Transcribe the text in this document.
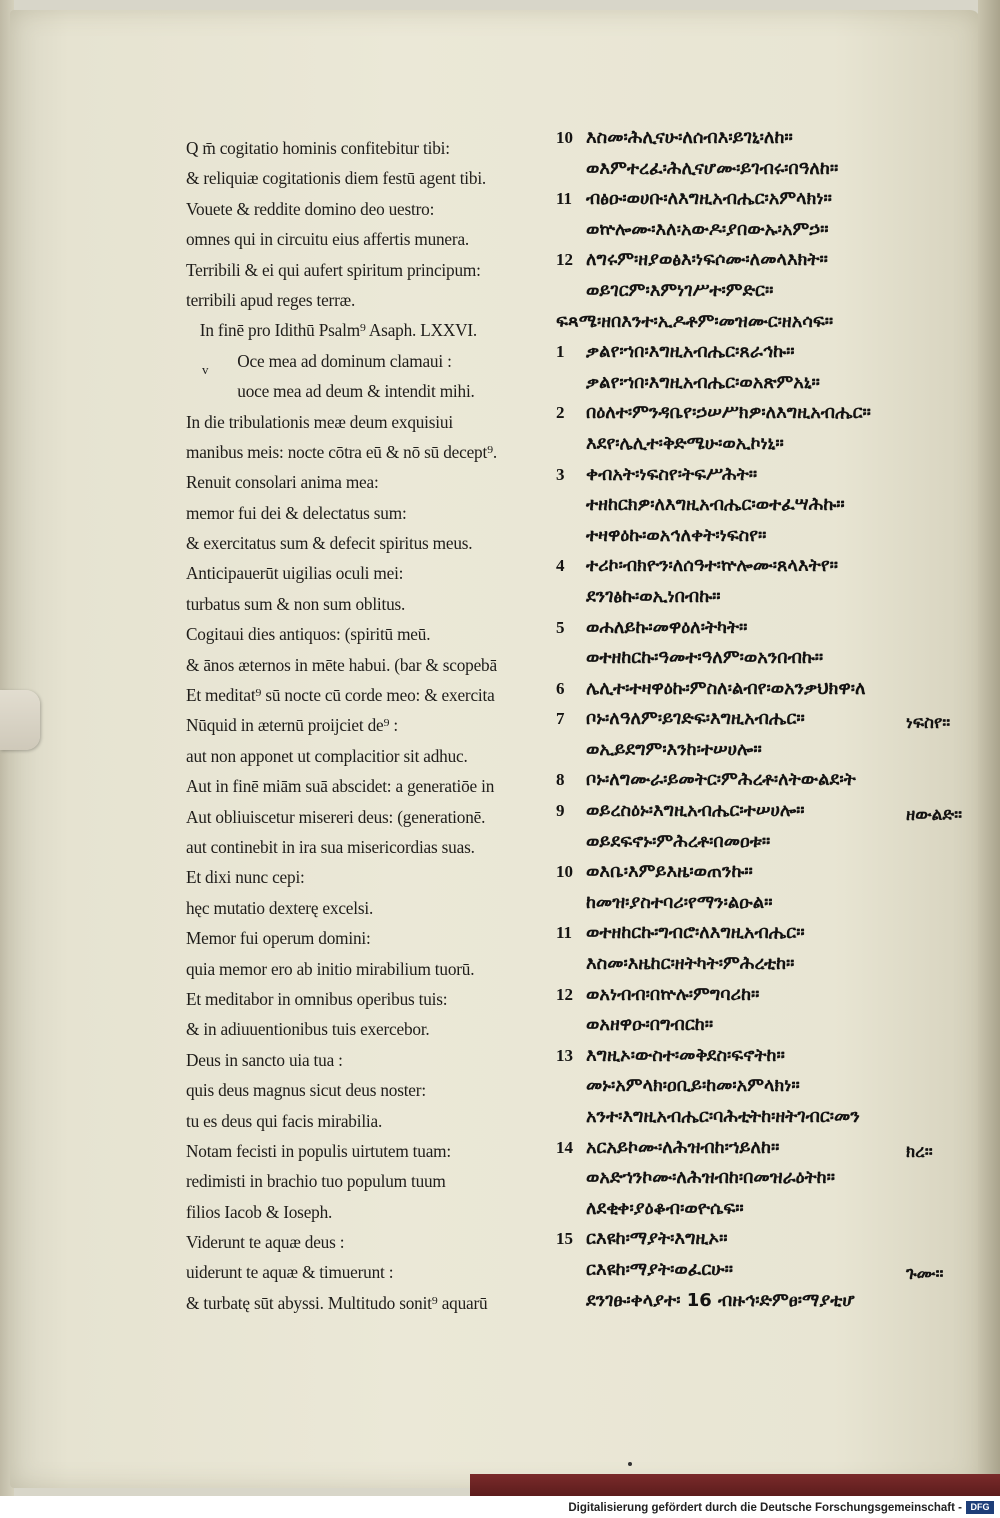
Q m̄ cogitatio hominis confitebitur tibi:
& reliquiæ cogitationis diem festū agent tibi.
Vouete & reddite domino deo uestro:
omnes qui in circuitu eius affertis munera.
Terribili & ei qui aufert spiritum principum:
terribili apud reges terræ.
In finē pro Idithū Psalm⁹ Asaph. LXXVI.
Oce mea ad dominum clamaui :
uoce mea ad deum & intendit mihi.
In die tribulationis meæ deum exquisiui
manibus meis: nocte cōtra eū & nō sū decept⁹.
Renuit consolari anima mea:
memor fui dei & delectatus sum:
& exercitatus sum & defecit spiritus meus.
Anticipauerūt uigilias oculi mei:
turbatus sum & non sum oblitus.
Cogitaui dies antiquos: (spiritū meū.
& ānos æternos in mēte habui. (bar & scopebā
Et meditat⁹ sū nocte cū corde meo: & exercita
Nūquid in æternū proijciet de⁹ :
aut non apponet ut complacitior sit adhuc.
Aut in finē miām suā abscidet: a generatiōe in
Aut obliuiscetur misereri deus: (generationē.
aut continebit in ira sua misericordias suas.
Et dixi nunc cepi:
hęc mutatio dexterę excelsi.
Memor fui operum domini:
quia memor ero ab initio mirabilium tuorū.
Et meditabor in omnibus operibus tuis:
& in adiuuentionibus tuis exercebor.
Deus in sancto uia tua :
quis deus magnus sicut deus noster:
tu es deus qui facis mirabilia.
Notam fecisti in populis uirtutem tuam:
redimisti in brachio tuo populum tuum
filios Iacob & Ioseph.
Viderunt te aquæ deus :
uiderunt te aquæ & timuerunt :
& turbatę sūt abyssi. Multitudo sonit⁹ aquarū
v
10 እስመ፡ሕሊናሁ፡ለሰብእ፡ይገኒ፡ለከ።
ወእምተረፈ፡ሕሊናሆሙ፡ይገብሩ፡በዓለከ።
11 ብፅዑ፡ወሀቡ፡ለእግዚአብሔር፡አምላክነ።
ወኵሎሙ፡እለ፡አውዶ፡ያበውኡ፡አምኃ።
12 ለግሩም፡ዘያወፅእ፡ነፍሶሙ፡ለመላእክት።
ወይገርም፡እምነገሥተ፡ምድር።
ፍጻሜ፡ዘበእንተ፡ኢዶቶም፡መዝሙር፡ዘአሳፍ።
1	ቃልየ፡ኀበ፡እግዚአብሔር፡ጸራኅኩ።
ቃልየ፡ኀበ፡እግዚአብሔር፡ወአጽምአኒ።
2	በዕለተ፡ምንዳቤየ፡ኃሠሥክዎ፡ለእግዚአብሔር።
እደየ፡ሌሊተ፡ቅድሜሁ፡ወኢኮነኒ።
3	ቀብአት፡ነፍስየ፡ትፍሥሕት።
ተዘከርክዎ፡ለእግዚአብሔር፡ወተፈሣሕኩ።
ተዛዋዕኩ፡ወአኅለቀት፡ነፍስየ።
4	ተሪኮ፡ብክዮን፡ለሰዓተ፡ኵሎሙ፡ጸላእትየ።
ደንገፅኩ፡ወኢነበብኩ።
5	ወሐለይኩ፡መዋዕለ፡ትካት።
ወተዘከርኩ፡ዓመተ፡ዓለም፡ወአንበብኩ።
6	ሌሊተ፡ተዛዋዕኩ፡ምስለ፡ልብየ፡ወአንቃህክዋ፡ለ
7	ቦኑ፡ለዓለም፡ይገድፍ፡እግዚአብሔር።	ነፍስየ።
ወኢይደግም፡እንከ፡ተሠሀሎ።
8	ቦኑ፡ለግሙራ፡ይመትር፡ምሕረቶ፡ለትውልደ፡ት
9	ወይረስዕኑ፡እግዚአብሔር፡ተሠሀሎ።	ዘውልድ።
ወይደፍኖኑ፡ምሕረቶ፡በመዐቱ።
10 ወእቤ፡እምይእዜ፡ወጠንኩ።
ከመዝ፡ያስተባሪ፡የማን፡ልዑል።
11 ወተዘከርኩ፡ግብሮ፡ለእግዚአብሔር።
እስመ፡እዜከር፡ዘትካት፡ምሕረቲከ።
12 ወአነብብ፡በኵሉ፡ምግባሪከ።
ወአዘዋዑ፡በግብርከ።
13 እግዚኦ፡ውስተ፡መቅደስ፡ፍኖትከ።
መኑ፡አምላክ፡ዐቢይ፡ከመ፡አምላክነ።
አንተ፡እግዚአብሔር፡ባሕቲትከ፡ዘትገብር፡መን
14 አርአይኮሙ፡ለሕዝብከ፡ኀይለከ።	ክረ።
ወአድኀንኮሙ፡ለሕዝብከ፡በመዝራዕትከ።
ለደቂቀ፡ያዕቆብ፡ወዮሴፍ።
15 ርእዩከ፡ማያት፡እግዚኦ።
ርእዩከ፡ማያት፡ወፈርሁ።	ጉሙ።
ደንገፁ፡ቀላያተ፡ 16 ብዙኅ፡ድምፀ፡ማያቲሆ
Digitalisierung gefördert durch die Deutsche Forschungsgemeinschaft - DFG
